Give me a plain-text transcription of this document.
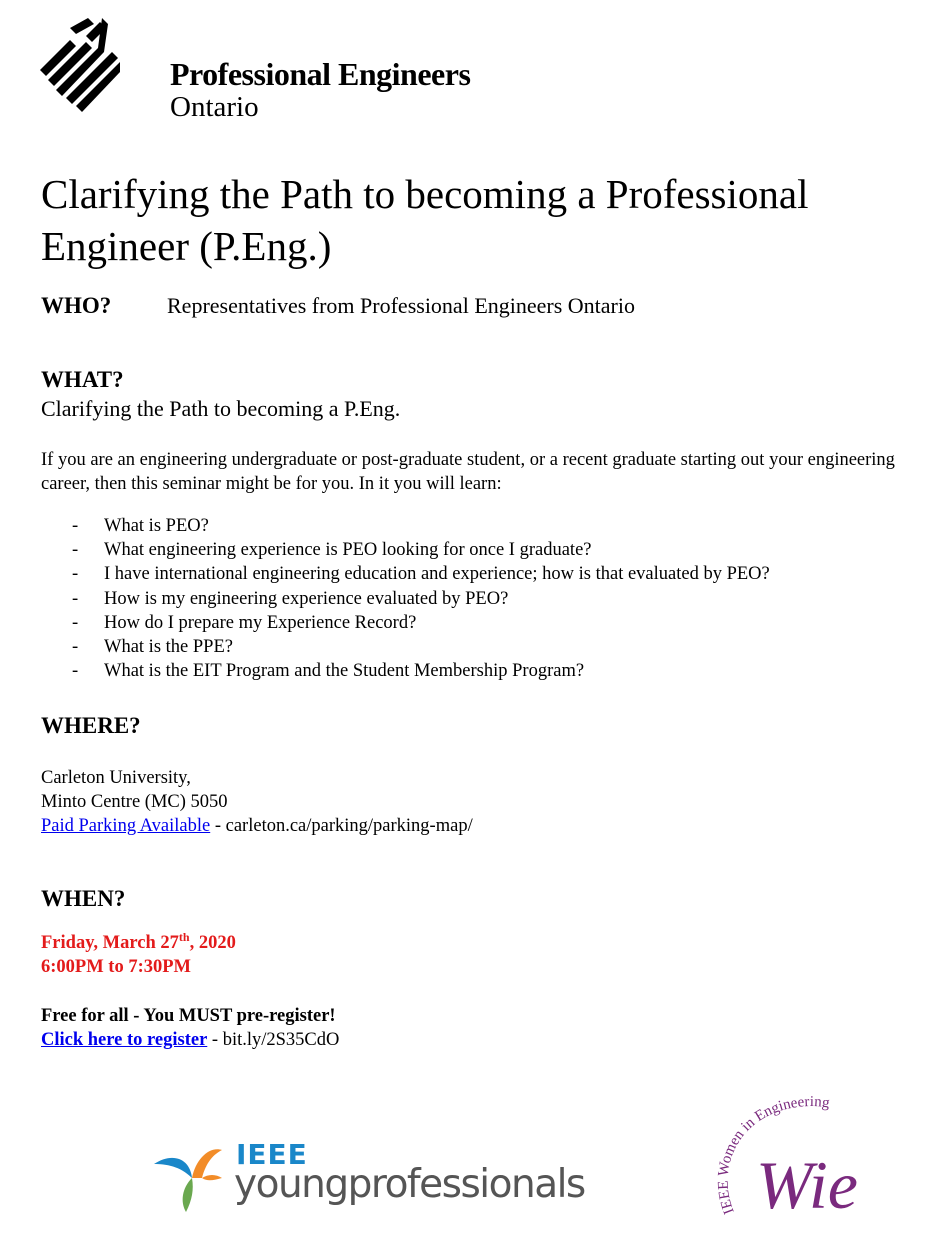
Professional Engineers
Ontario
Clarifying the Path to becoming a Professional Engineer (P.Eng.)
WHO?	Representatives from Professional Engineers Ontario
WHAT?
Clarifying the Path to becoming a P.Eng.
If you are an engineering undergraduate or post-graduate student, or a recent graduate starting out your engineering career, then this seminar might be for you. In it you will learn:
- What is PEO?
- What engineering experience is PEO looking for once I graduate?
- I have international engineering education and experience; how is that evaluated by PEO?
- How is my engineering experience evaluated by PEO?
- How do I prepare my Experience Record?
- What is the PPE?
- What is the EIT Program and the Student Membership Program?
WHERE?
Carleton University,
Minto Centre (MC) 5050
Paid Parking Available - carleton.ca/parking/parking-map/
WHEN?
Friday, March 27th, 2020
6:00PM to 7:30PM
Free for all - You MUST pre-register!
Click here to register - bit.ly/2S35CdO
IEEE
youngprofessionals
IEEE Women in Engineering
Wie
